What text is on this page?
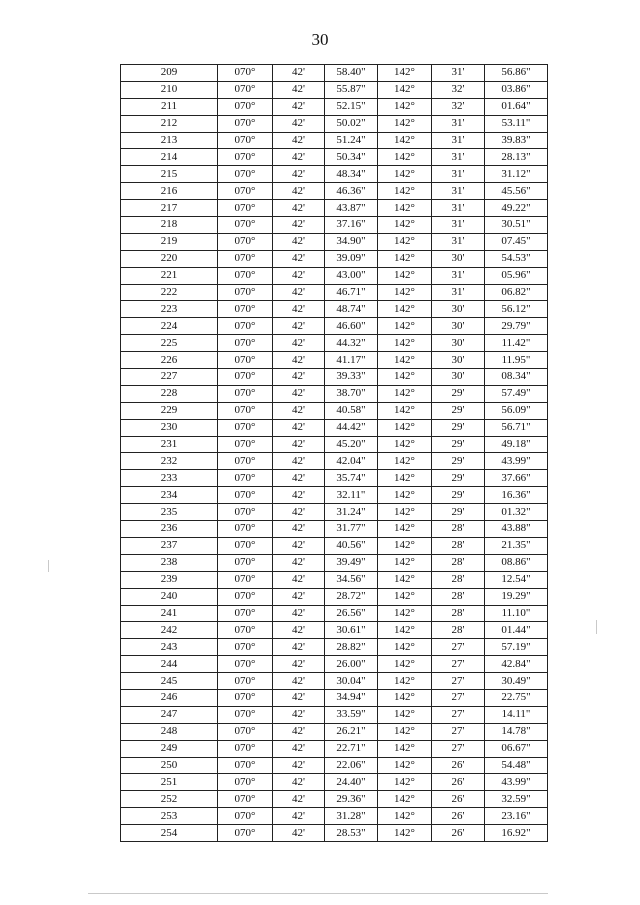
30
209	070°	42'	58.40"	142°	31'	56.86"
210	070°	42'	55.87"	142°	32'	03.86"
211	070°	42'	52.15"	142°	32'	01.64"
212	070°	42'	50.02"	142°	31'	53.11"
213	070°	42'	51.24"	142°	31'	39.83"
214	070°	42'	50.34"	142°	31'	28.13"
215	070°	42'	48.34"	142°	31'	31.12"
216	070°	42'	46.36"	142°	31'	45.56"
217	070°	42'	43.87"	142°	31'	49.22"
218	070°	42'	37.16"	142°	31'	30.51"
219	070°	42'	34.90"	142°	31'	07.45"
220	070°	42'	39.09"	142°	30'	54.53"
221	070°	42'	43.00"	142°	31'	05.96"
222	070°	42'	46.71"	142°	31'	06.82"
223	070°	42'	48.74"	142°	30'	56.12"
224	070°	42'	46.60"	142°	30'	29.79"
225	070°	42'	44.32"	142°	30'	11.42"
226	070°	42'	41.17"	142°	30'	11.95"
227	070°	42'	39.33"	142°	30'	08.34"
228	070°	42'	38.70"	142°	29'	57.49"
229	070°	42'	40.58"	142°	29'	56.09"
230	070°	42'	44.42"	142°	29'	56.71"
231	070°	42'	45.20"	142°	29'	49.18"
232	070°	42'	42.04"	142°	29'	43.99"
233	070°	42'	35.74"	142°	29'	37.66"
234	070°	42'	32.11"	142°	29'	16.36"
235	070°	42'	31.24"	142°	29'	01.32"
236	070°	42'	31.77"	142°	28'	43.88"
237	070°	42'	40.56"	142°	28'	21.35"
238	070°	42'	39.49"	142°	28'	08.86"
239	070°	42'	34.56"	142°	28'	12.54"
240	070°	42'	28.72"	142°	28'	19.29"
241	070°	42'	26.56"	142°	28'	11.10"
242	070°	42'	30.61"	142°	28'	01.44"
243	070°	42'	28.82"	142°	27'	57.19"
244	070°	42'	26.00"	142°	27'	42.84"
245	070°	42'	30.04"	142°	27'	30.49"
246	070°	42'	34.94"	142°	27'	22.75"
247	070°	42'	33.59"	142°	27'	14.11"
248	070°	42'	26.21"	142°	27'	14.78"
249	070°	42'	22.71"	142°	27'	06.67"
250	070°	42'	22.06"	142°	26'	54.48"
251	070°	42'	24.40"	142°	26'	43.99"
252	070°	42'	29.36"	142°	26'	32.59"
253	070°	42'	31.28"	142°	26'	23.16"
254	070°	42'	28.53"	142°	26'	16.92"
